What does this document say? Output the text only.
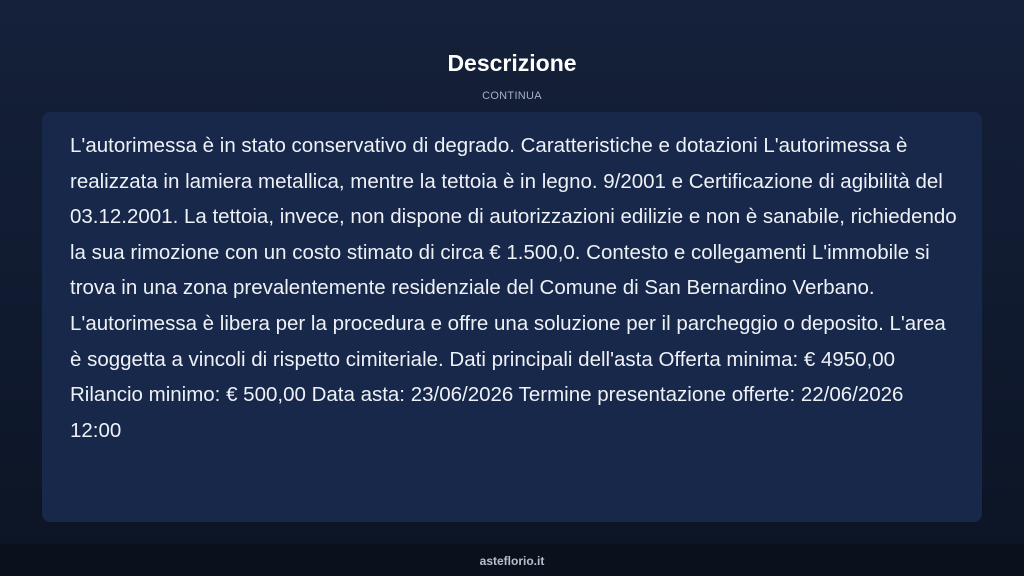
Descrizione
CONTINUA

L'autorimessa è in stato conservativo di degrado. Caratteristiche e dotazioni L'autorimessa è realizzata in lamiera metallica, mentre la tettoia è in legno. 9/2001 e Certificazione di agibilità del 03.12.2001. La tettoia, invece, non dispone di autorizzazioni edilizie e non è sanabile, richiedendo la sua rimozione con un costo stimato di circa € 1.500,0. Contesto e collegamenti L'immobile si trova in una zona prevalentemente residenziale del Comune di San Bernardino Verbano. L'autorimessa è libera per la procedura e offre una soluzione per il parcheggio o deposito. L'area è soggetta a vincoli di rispetto cimiteriale. Dati principali dell'asta Offerta minima: € 4950,00 Rilancio minimo: € 500,00 Data asta: 23/06/2026 Termine presentazione offerte: 22/06/2026 12:00

asteflorio.it
